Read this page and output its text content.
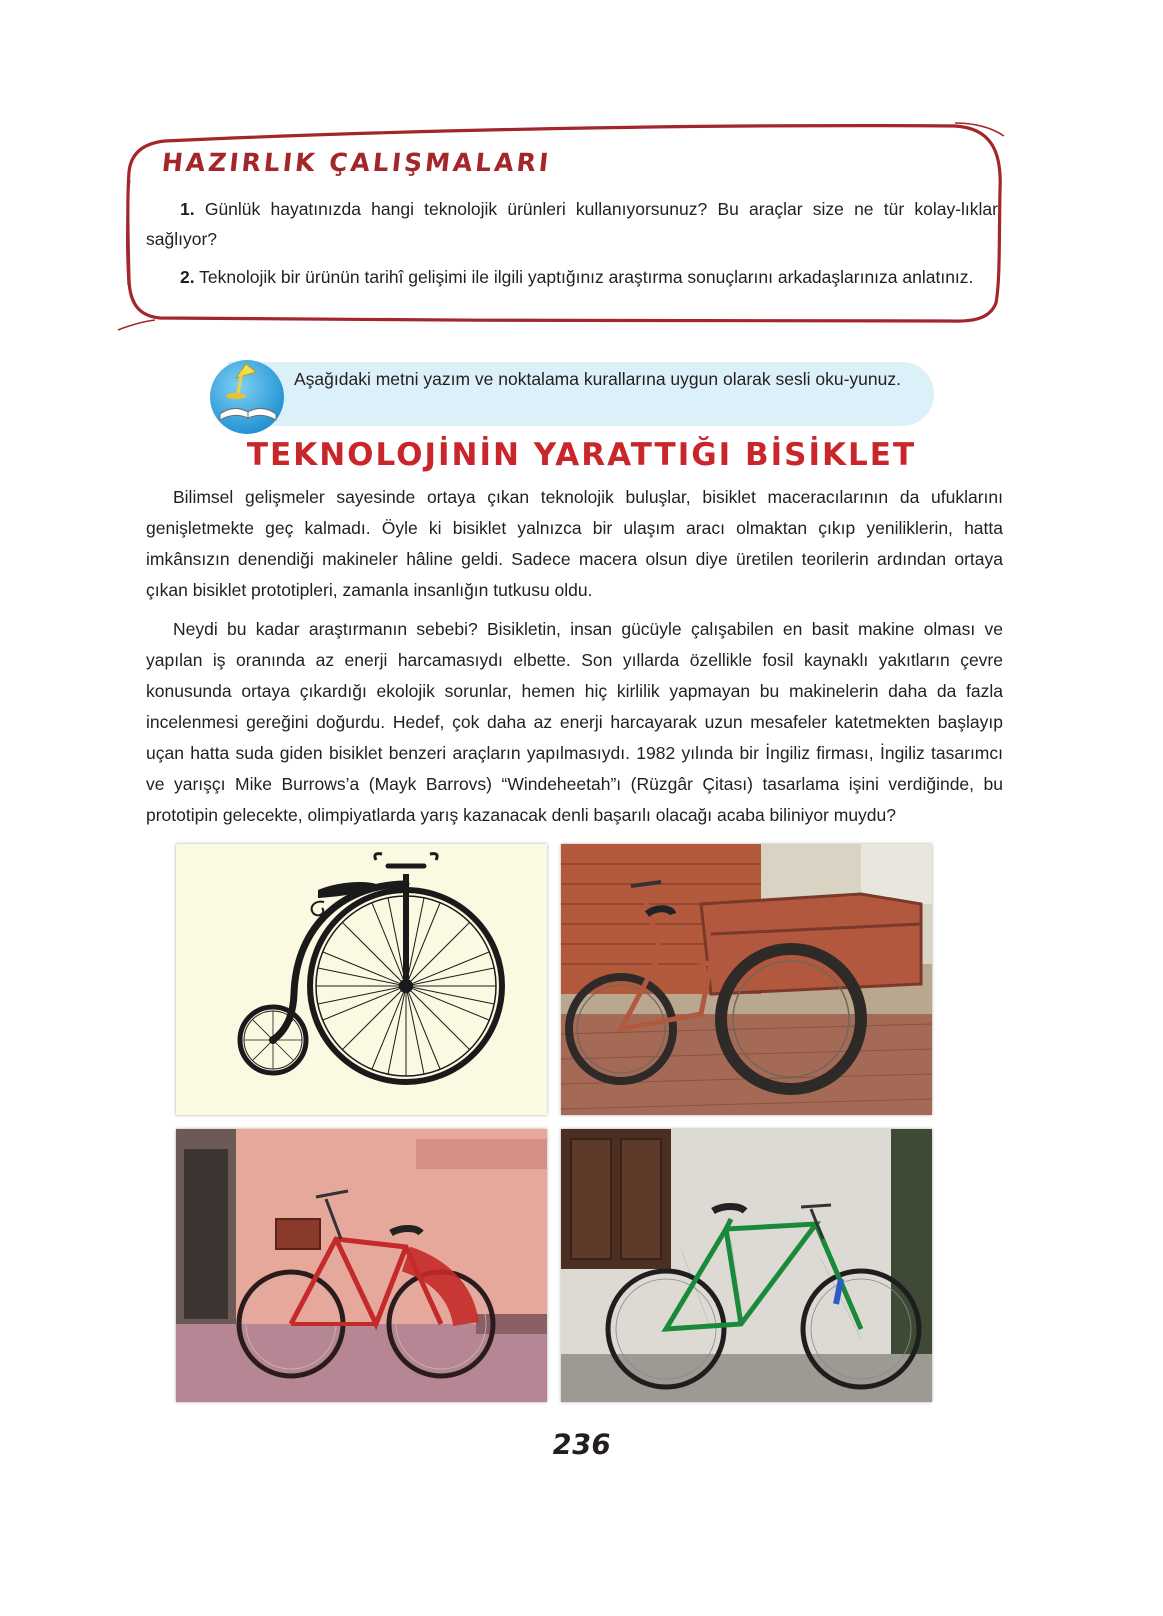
HAZIRLIK ÇALIŞMALARI
1. Günlük hayatınızda hangi teknolojik ürünleri kullanıyorsunuz? Bu araçlar size ne tür kolay-lıklar sağlıyor?
2. Teknolojik bir ürünün tarihî gelişimi ile ilgili yaptığınız araştırma sonuçlarını arkadaşlarınıza anlatınız.
Aşağıdaki metni yazım ve noktalama kurallarına uygun olarak sesli oku-yunuz.
TEKNOLOJİNİN YARATTIĞI BİSİKLET

Bilimsel gelişmeler sayesinde ortaya çıkan teknolojik buluşlar, bisiklet maceracılarının da ufuklarını genişletmekte geç kalmadı. Öyle ki bisiklet yalnızca bir ulaşım aracı olmaktan çıkıp yeniliklerin, hatta imkânsızın denendiği makineler hâline geldi. Sadece macera olsun diye üretilen teorilerin ardından ortaya çıkan bisiklet prototipleri, zamanla insanlığın tutkusu oldu.

Neydi bu kadar araştırmanın sebebi? Bisikletin, insan gücüyle çalışabilen en basit makine olması ve yapılan iş oranında az enerji harcamasıydı elbette. Son yıllarda özellikle fosil kaynaklı yakıtların çevre konusunda ortaya çıkardığı ekolojik sorunlar, hemen hiç kirlilik yapmayan bu makinelerin daha da fazla incelenmesi gereğini doğurdu. Hedef, çok daha az enerji harcayarak uzun mesafeler katetmekten başlayıp uçan hatta suda giden bisiklet benzeri araçların yapılmasıydı. 1982 yılında bir İngiliz firması, İngiliz tasarımcı ve yarışçı Mike Burrows’a (Mayk Barrovs) “Windeheetah”ı (Rüzgâr Çitası) tasarlama işini verdiğinde, bu prototipin gelecekte, olimpiyatlarda yarış kazanacak denli başarılı olacağı acaba biliniyor muydu?

236
